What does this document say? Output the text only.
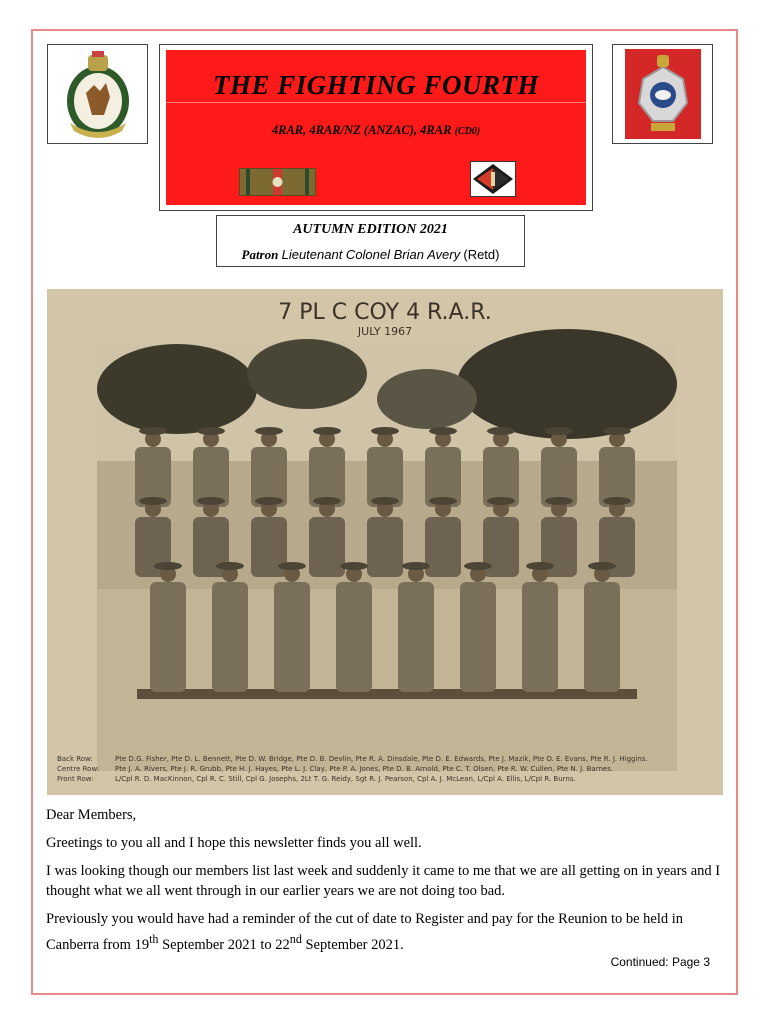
THE FIGHTING FOURTH
4RAR, 4RAR/NZ (ANZAC), 4RAR (CD0)
AUTUMN EDITION 2021
Patron Lieutenant Colonel Brian Avery (Retd)
7 PL C COY 4 R.A.R.
JULY 1967
Back Row:	Pte D.G. Fisher, Pte D. L. Bennett, Pte D. W. Bridge, Pte D. B. Devlin, Pte R. A. Dinsdale, Pte D. E. Edwards, Pte J. Mazik, Pte O. E. Evans, Pte R. J. Higgins.
Centre Row:	Pte J. A. Rivers, Pte J. R. Grubb, Pte H. J. Hayes, Pte L. J. Clay, Pte P. A. Jones, Pte D. B. Arnold, Pte C. T. Olsen, Pte R. W. Cullen, Pte N. J. Barnes.
Front Row:	L/Cpl R. D. MacKinnon, Cpl R. C. Still, Cpl G. Josephs, 2Lt T. G. Reidy, Sgt R. J. Pearson, Cpl A. J. McLean, L/Cpl A. Ellis, L/Cpl R. Burns.

Dear Members,

Greetings to you all and I hope this newsletter finds you all well.

I was looking though our members list last week and suddenly it came to me that we are all getting on in years and I thought what we all went through in our earlier years we are not doing too bad.

Previously you would have had a reminder of the cut of date to Register and pay for the Reunion to be held in Canberra from 19th September 2021 to 22nd September 2021.

Continued: Page 3
